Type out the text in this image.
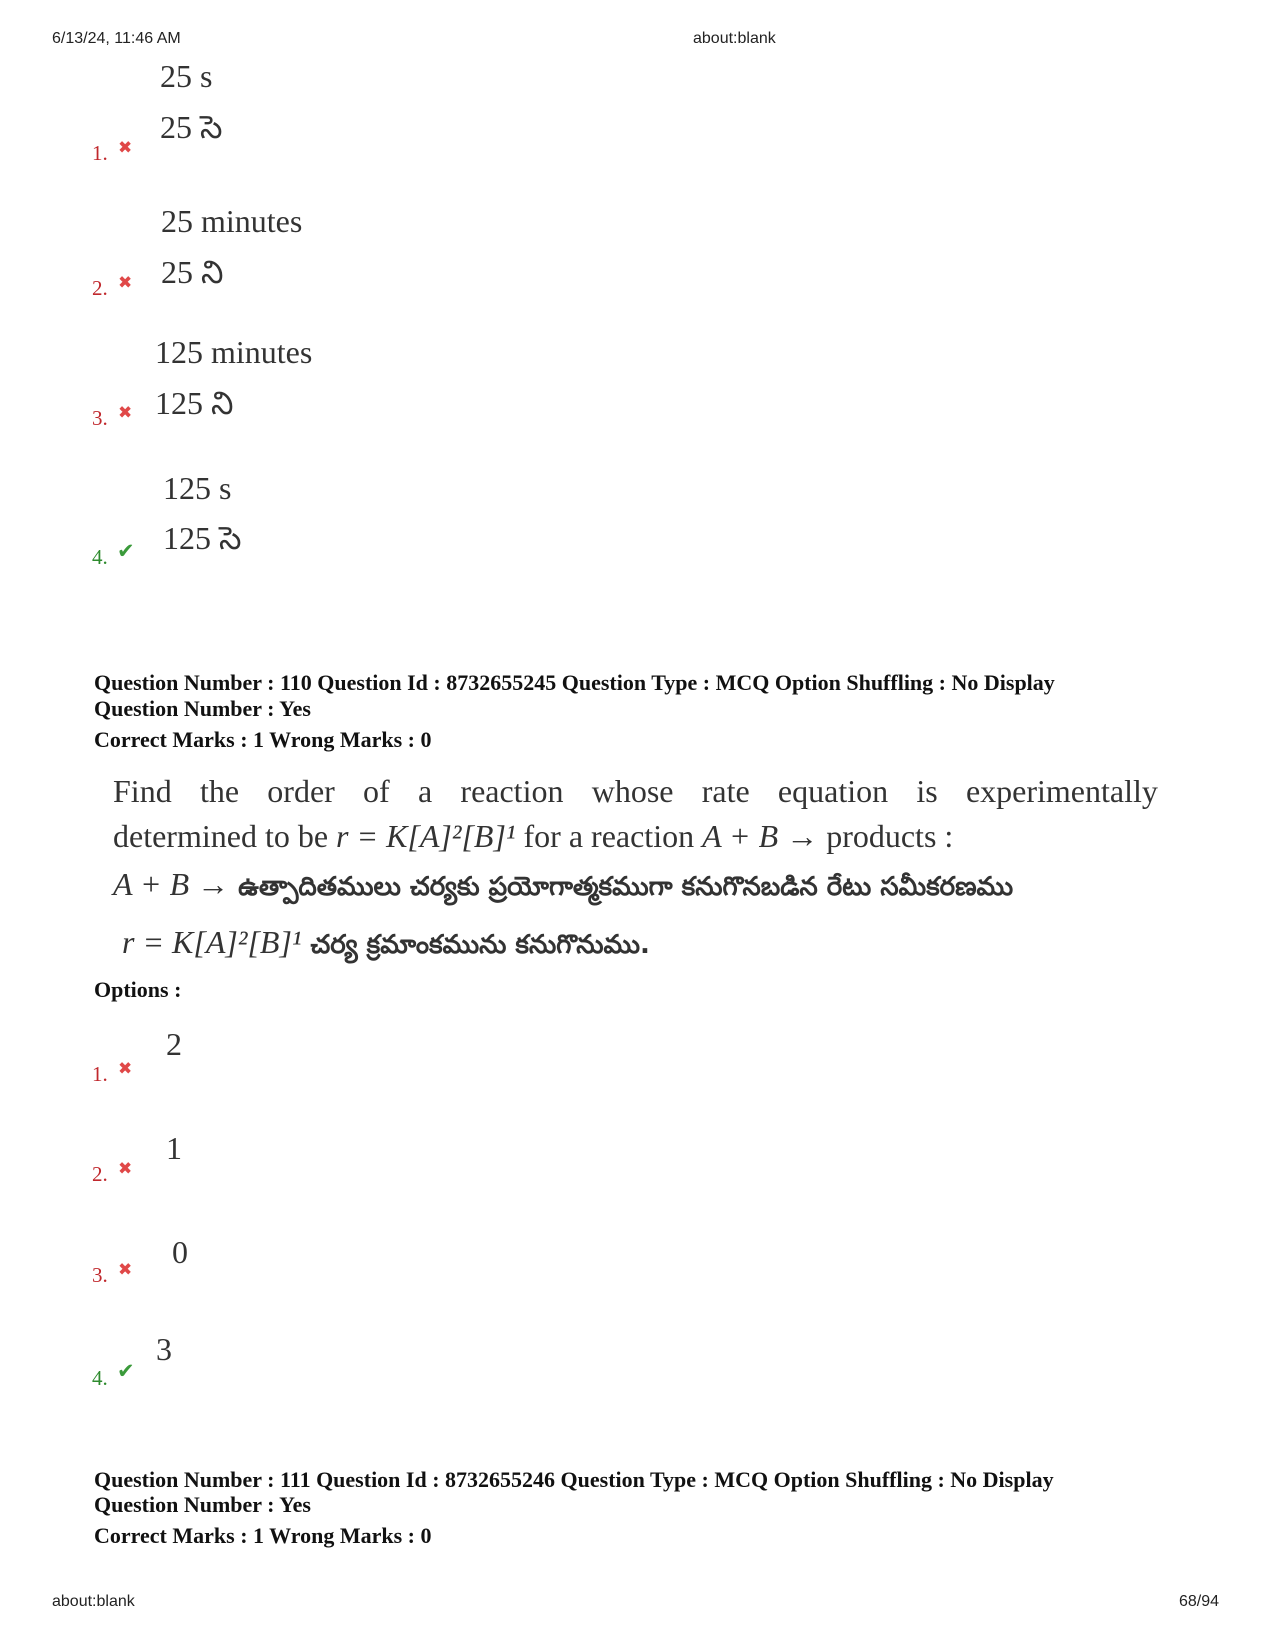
6/13/24, 11:46 AM	about:blank
25 s
25 సె
1. ✖
25 minutes
25 ని
2. ✖
125 minutes
125 ని
3. ✖
125 s
125 సె
4. ✔
Question Number : 110 Question Id : 8732655245 Question Type : MCQ Option Shuffling : No Display
Question Number : Yes
Correct Marks : 1 Wrong Marks : 0
Find the order of a reaction whose rate equation is experimentally
determined to be r = K[A]²[B]¹ for a reaction A + B → products :
A + B → ఉత్పాదితములు చర్యకు ప్రయోగాత్మకముగా కనుగొనబడిన రేటు సమీకరణము
r = K[A]²[B]¹ చర్య క్రమాంకమును కనుగొనుము.
Options :
2
1. ✖
1
2. ✖
0
3. ✖
3
4. ✔
Question Number : 111 Question Id : 8732655246 Question Type : MCQ Option Shuffling : No Display
Question Number : Yes
Correct Marks : 1 Wrong Marks : 0
about:blank	68/94
